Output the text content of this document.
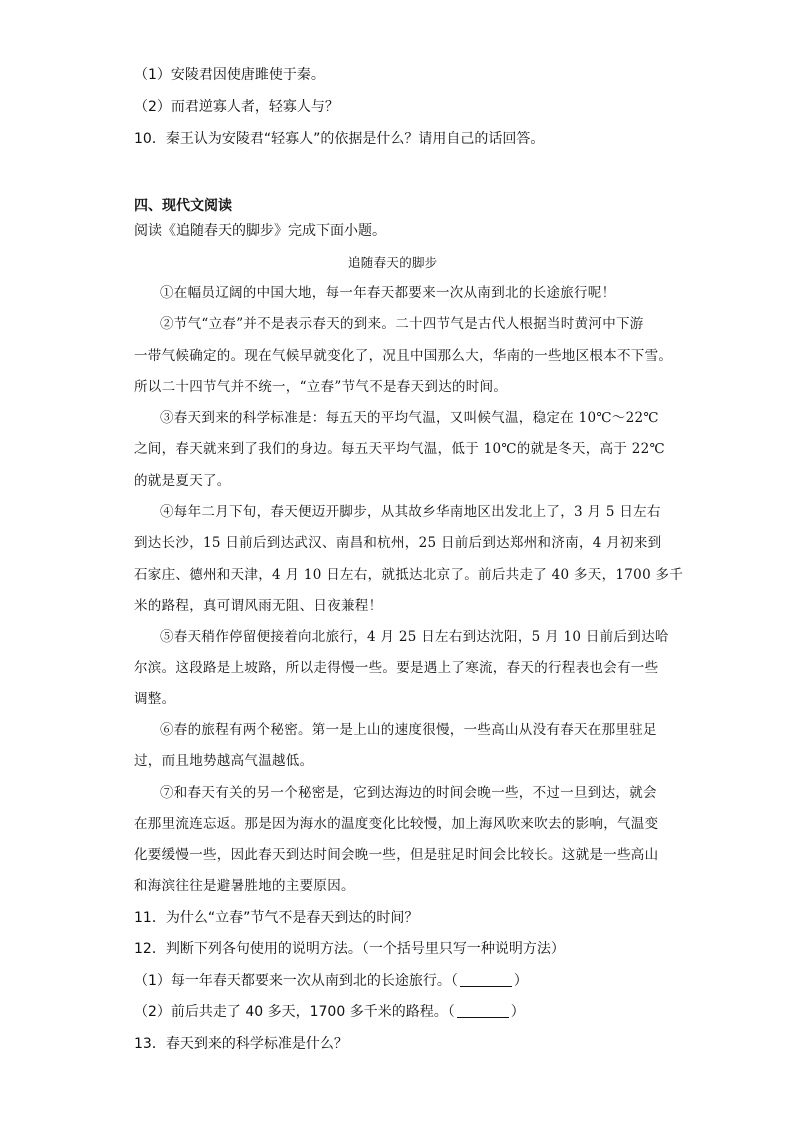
（1）安陵君因使唐雎使于秦。
（2）而君逆寡人者，轻寡人与？
10．秦王认为安陵君“轻寡人”的依据是什么？请用自己的话回答。
四、现代文阅读
阅读《追随春天的脚步》完成下面小题。
追随春天的脚步
①在幅员辽阔的中国大地，每一年春天都要来一次从南到北的长途旅行呢！
②节气“立春”并不是表示春天的到来。二十四节气是古代人根据当时黄河中下游
一带气候确定的。现在气候早就变化了，况且中国那么大，华南的一些地区根本不下雪。
所以二十四节气并不统一，“立春”节气不是春天到达的时间。
③春天到来的科学标准是：每五天的平均气温，又叫候气温，稳定在 10℃～22℃
之间，春天就来到了我们的身边。每五天平均气温，低于 10℃的就是冬天，高于 22℃
的就是夏天了。
④每年二月下旬，春天便迈开脚步，从其故乡华南地区出发北上了，3 月 5 日左右
到达长沙，15 日前后到达武汉、南昌和杭州，25 日前后到达郑州和济南，4 月初来到
石家庄、德州和天津，4 月 10 日左右，就抵达北京了。前后共走了 40 多天，1700 多千
米的路程，真可谓风雨无阻、日夜兼程！
⑤春天稍作停留便接着向北旅行，4 月 25 日左右到达沈阳，5 月 10 日前后到达哈
尔滨。这段路是上坡路，所以走得慢一些。要是遇上了寒流，春天的行程表也会有一些
调整。
⑥春的旅程有两个秘密。第一是上山的速度很慢，一些高山从没有春天在那里驻足
过，而且地势越高气温越低。
⑦和春天有关的另一个秘密是，它到达海边的时间会晚一些，不过一旦到达，就会
在那里流连忘返。那是因为海水的温度变化比较慢，加上海风吹来吹去的影响，气温变
化要缓慢一些，因此春天到达时间会晚一些，但是驻足时间会比较长。这就是一些高山
和海滨往往是避暑胜地的主要原因。
11．为什么“立春”节气不是春天到达的时间？
12．判断下列各句使用的说明方法。（一个括号里只写一种说明方法）
（1）每一年春天都要来一次从南到北的长途旅行。（	）
（2）前后共走了 40 多天，1700 多千米的路程。（	）
13．春天到来的科学标准是什么？
